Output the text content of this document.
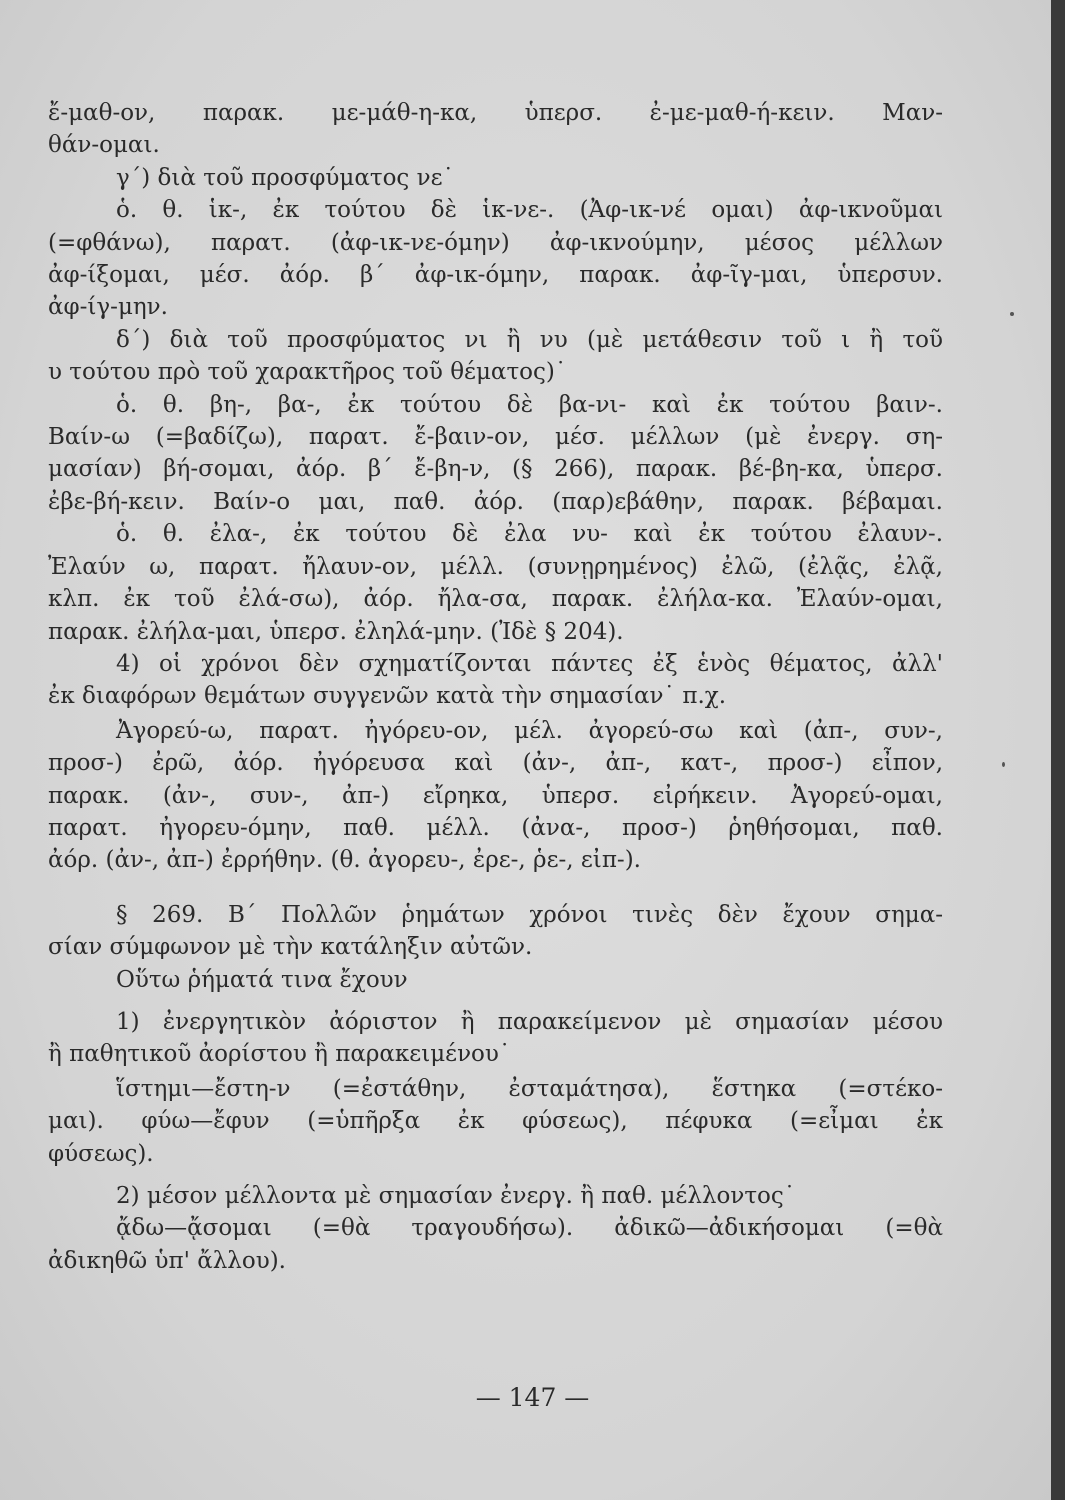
ἔ-μαθ-ον, παρακ. με-μάθ-η-κα, ὑπερσ. ἐ-με-μαθ-ή-κειν. Μαν-
θάν-ομαι.
γ΄) διὰ τοῦ προσφύματος νε˙
ὁ. θ. ἱκ-, ἐκ τούτου δὲ ἱκ-νε-. (Ἀφ-ικ-νέ ομαι) ἀφ-ικνοῦμαι
(=φθάνω), παρατ. (ἀφ-ικ-νε-όμην) ἀφ-ικνούμην, μέσος μέλλων
ἀφ-ίξομαι, μέσ. ἀόρ. β΄ ἀφ-ικ-όμην, παρακ. ἀφ-ῖγ-μαι, ὑπερσυν.
ἀφ-ίγ-μην.
δ΄) διὰ τοῦ προσφύματος νι ἢ νυ (μὲ μετάθεσιν τοῦ ι ἢ τοῦ
υ τούτου πρὸ τοῦ χαρακτῆρος τοῦ θέματος)˙
ὁ. θ. βη-, βα-, ἐκ τούτου δὲ βα-νι- καὶ ἐκ τούτου βαιν-.
Βαίν-ω (=βαδίζω), παρατ. ἔ-βαιν-ον, μέσ. μέλλων (μὲ ἐνεργ. ση-
μασίαν) βή-σομαι, ἀόρ. β΄ ἔ-βη-ν, (§ 266), παρακ. βέ-βη-κα, ὑπερσ.
ἐβε-βή-κειν. Βαίν-ο μαι, παθ. ἀόρ. (παρ)εβάθην, παρακ. βέβαμαι.
ὁ. θ. ἐλα-, ἐκ τούτου δὲ ἐλα νυ- καὶ ἐκ τούτου ἐλαυν-.
Ἐλαύν ω, παρατ. ἤλαυν-ον, μέλλ. (συνῃρημένος) ἐλῶ, (ἐλᾷς, ἐλᾷ,
κλπ. ἐκ τοῦ ἐλά-σω), ἀόρ. ἤλα-σα, παρακ. ἐλήλα-κα. Ἐλαύν-ομαι,
παρακ. ἐλήλα-μαι, ὑπερσ. ἐληλά-μην. (Ἰδὲ § 204).
4) οἱ χρόνοι δὲν σχηματίζονται πάντες ἐξ ἑνὸς θέματος, ἀλλ'
ἐκ διαφόρων θεμάτων συγγενῶν κατὰ τὴν σημασίαν˙ π.χ.
Ἀγορεύ-ω, παρατ. ἠγόρευ-ον, μέλ. ἀγορεύ-σω καὶ (ἀπ-, συν-,
προσ-) ἐρῶ, ἀόρ. ἠγόρευσα καὶ (ἀν-, ἀπ-, κατ-, προσ-) εἶπον,
παρακ. (ἀν-, συν-, ἀπ-) εἴρηκα, ὑπερσ. εἰρήκειν. Ἀγορεύ-ομαι,
παρατ. ἠγορευ-όμην, παθ. μέλλ. (ἀνα-, προσ-) ῥηθήσομαι, παθ.
ἀόρ. (ἀν-, ἀπ-) ἐρρήθην. (θ. ἀγορευ-, ἐρε-, ῥε-, εἰπ-).
§ 269. Β΄ Πολλῶν ῥημάτων χρόνοι τινὲς δὲν ἔχουν σημα-
σίαν σύμφωνον μὲ τὴν κατάληξιν αὐτῶν.
Οὕτω ῥήματά τινα ἔχουν
1) ἐνεργητικὸν ἀόριστον ἢ παρακείμενον μὲ σημασίαν μέσου
ἢ παθητικοῦ ἀορίστου ἢ παρακειμένου˙
ἵστημι—ἔστη-ν (=ἐστάθην, ἐσταμάτησα), ἕστηκα (=στέκο-
μαι). φύω—ἔφυν (=ὑπῆρξα ἐκ φύσεως), πέφυκα (=εἶμαι ἐκ
φύσεως).
2) μέσον μέλλοντα μὲ σημασίαν ἐνεργ. ἢ παθ. μέλλοντος˙
ᾄδω—ᾄσομαι (=θὰ τραγουδήσω). ἀδικῶ—ἀδικήσομαι (=θὰ
ἀδικηθῶ ὑπ' ἄλλου).
— 147 —
